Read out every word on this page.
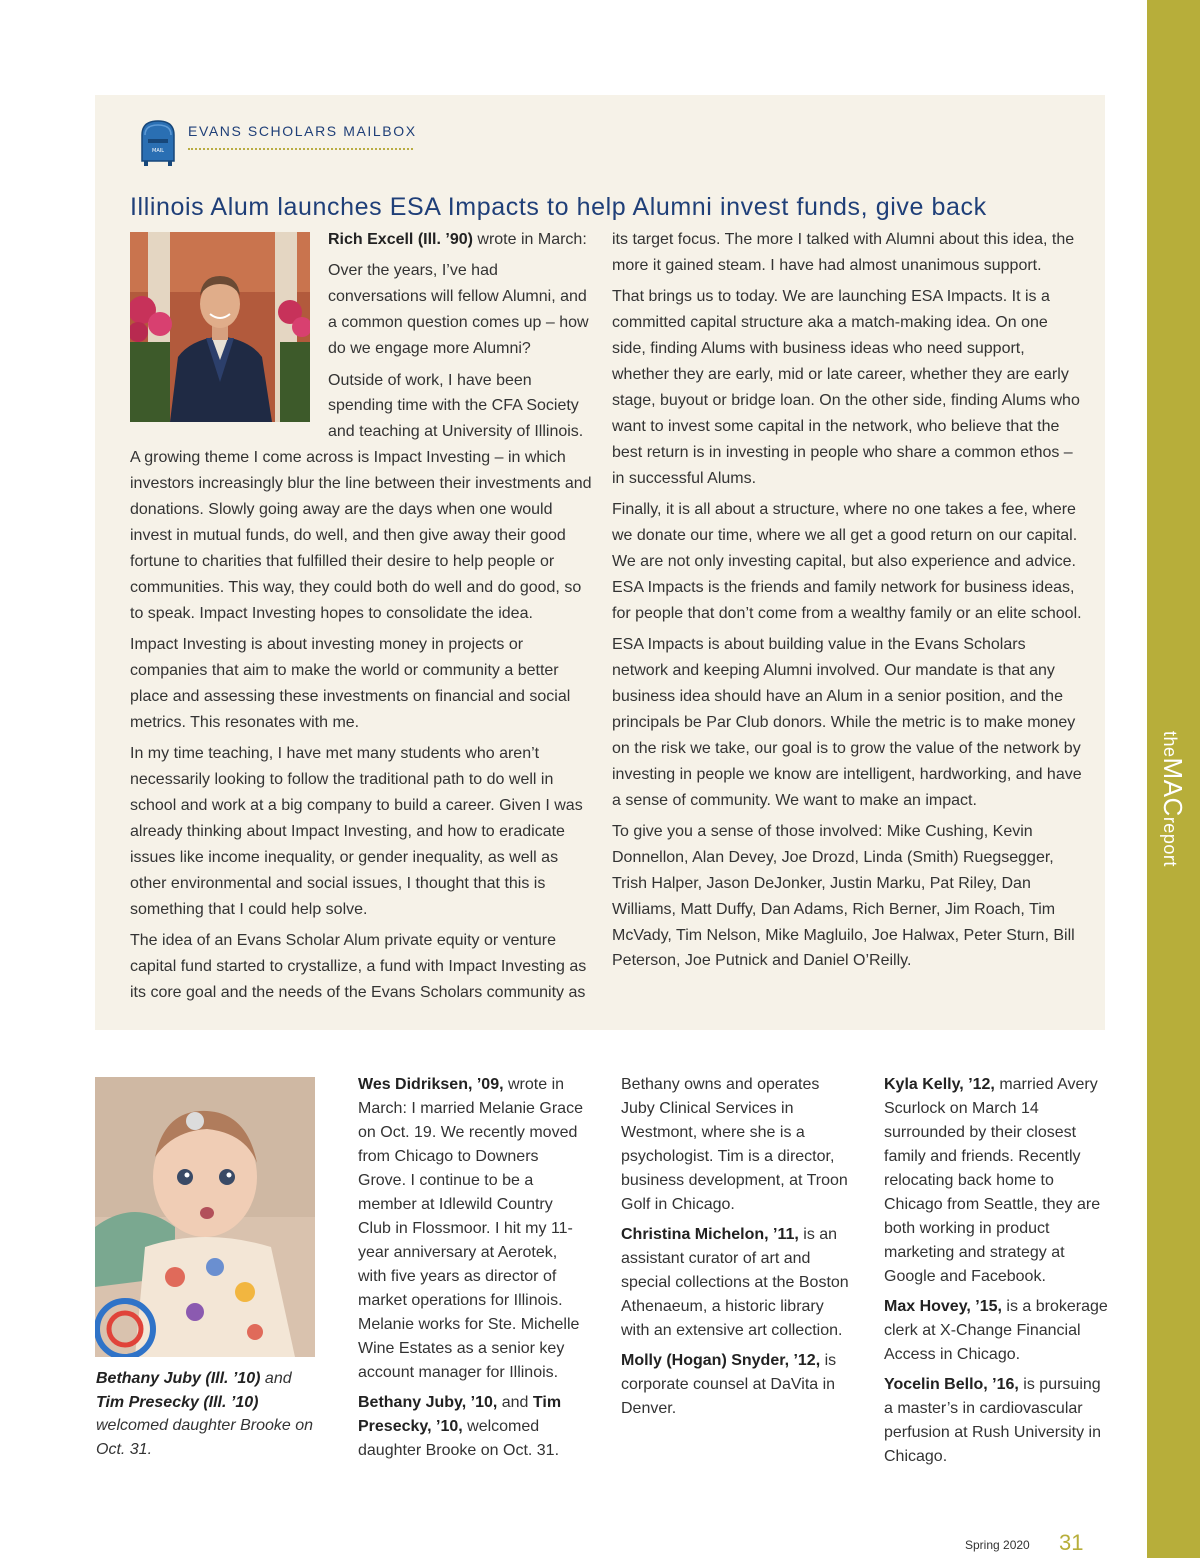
theMACreport
MAIL
EVANS SCHOLARS MAILBOX
Illinois Alum launches ESA Impacts to help Alumni invest funds, give back

Rich Excell (Ill. ’90) wrote in March:

Over the years, I’ve had conversations will fellow Alumni, and a common question comes up – how do we engage more Alumni?

Outside of work, I have been spending time with the CFA Society and teaching at University of Illinois. A growing theme I come across is Impact Investing – in which investors increasingly blur the line between their investments and donations. Slowly going away are the days when one would invest in mutual funds, do well, and then give away their good fortune to charities that fulfilled their desire to help people or communities. This way, they could both do well and do good, so to speak. Impact Investing hopes to consolidate the idea.

Impact Investing is about investing money in projects or companies that aim to make the world or community a better place and assessing these investments on financial and social metrics. This resonates with me.

In my time teaching, I have met many students who aren’t necessarily looking to follow the traditional path to do well in school and work at a big company to build a career. Given I was already thinking about Impact Investing, and how to eradicate issues like income inequality, or gender inequality, as well as other environmental and social issues, I thought that this is something that I could help solve.

The idea of an Evans Scholar Alum private equity or venture capital fund started to crystallize, a fund with Impact Investing as its core goal and the needs of the Evans Scholars community as

its target focus. The more I talked with Alumni about this idea, the more it gained steam. I have had almost unanimous support.

That brings us to today. We are launching ESA Impacts. It is a committed capital structure aka a match-making idea. On one side, finding Alums with business ideas who need support, whether they are early, mid or late career, whether they are early stage, buyout or bridge loan. On the other side, finding Alums who want to invest some capital in the network, who believe that the best return is in investing in people who share a common ethos – in successful Alums.

Finally, it is all about a structure, where no one takes a fee, where we donate our time, where we all get a good return on our capital. We are not only investing capital, but also experience and advice. ESA Impacts is the friends and family network for business ideas, for people that don’t come from a wealthy family or an elite school.

ESA Impacts is about building value in the Evans Scholars network and keeping Alumni involved. Our mandate is that any business idea should have an Alum in a senior position, and the principals be Par Club donors. While the metric is to make money on the risk we take, our goal is to grow the value of the network by investing in people we know are intelligent, hardworking, and have a sense of community. We want to make an impact.

To give you a sense of those involved: Mike Cushing, Kevin Donnellon, Alan Devey, Joe Drozd, Linda (Smith) Ruegsegger, Trish Halper, Jason DeJonker, Justin Marku, Pat Riley, Dan Williams, Matt Duffy, Dan Adams, Rich Berner, Jim Roach, Tim McVady, Tim Nelson, Mike Magluilo, Joe Halwax, Peter Sturn, Bill Peterson, Joe Putnick and Daniel O’Reilly.

Bethany Juby (Ill. ’10) and Tim Presecky (Ill. ’10) welcomed daughter Brooke on Oct. 31.

Wes Didriksen, ’09, wrote in March: I married Melanie Grace on Oct. 19. We recently moved from Chicago to Downers Grove. I continue to be a member at Idlewild Country Club in Flossmoor. I hit my 11-year anniversary at Aerotek, with five years as director of market operations for Illinois. Melanie works for Ste. Michelle Wine Estates as a senior key account manager for Illinois.

Bethany Juby, ’10, and Tim Presecky, ’10, welcomed daughter Brooke on Oct. 31.

Bethany owns and operates Juby Clinical Services in Westmont, where she is a psychologist. Tim is a director, business development, at Troon Golf in Chicago.

Christina Michelon, ’11, is an assistant curator of art and special collections at the Boston Athenaeum, a historic library with an extensive art collection.

Molly (Hogan) Snyder, ’12, is corporate counsel at DaVita in Denver.

Kyla Kelly, ’12, married Avery Scurlock on March 14 surrounded by their closest family and friends. Recently relocating back home to Chicago from Seattle, they are both working in product marketing and strategy at Google and Facebook.

Max Hovey, ’15, is a brokerage clerk at X-Change Financial Access in Chicago.

Yocelin Bello, ’16, is pursuing a master’s in cardiovascular perfusion at Rush University in Chicago.

Spring 2020 31
